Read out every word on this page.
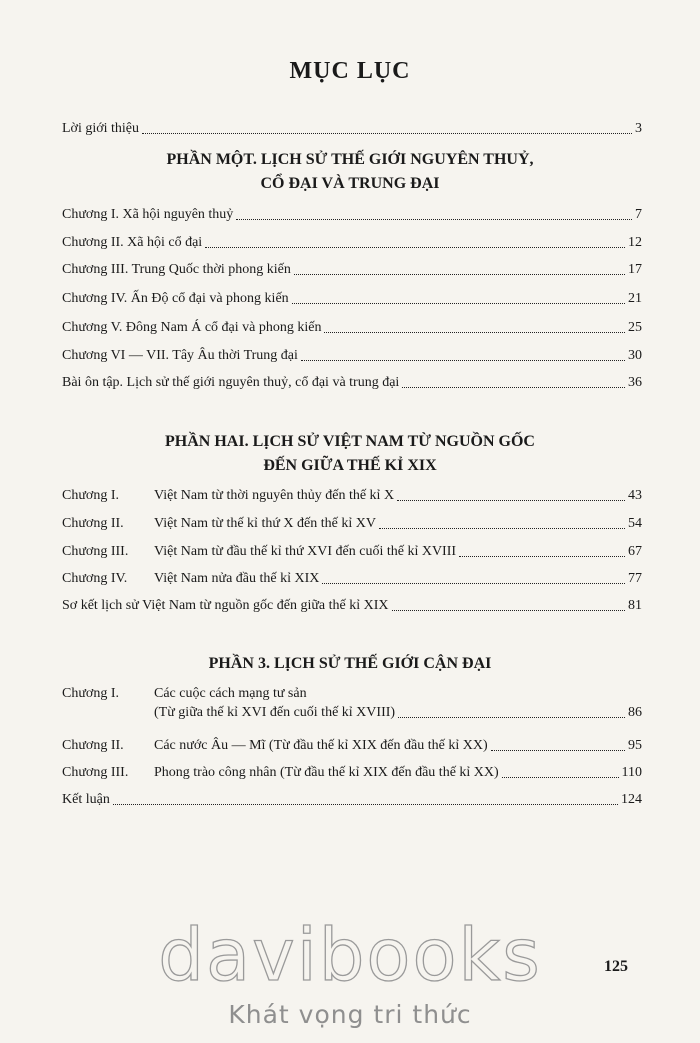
MỤC LỤC
Lời giới thiệu	3
PHẦN MỘT. LỊCH SỬ THẾ GIỚI NGUYÊN THUỶ,
CỔ ĐẠI VÀ TRUNG ĐẠI
Chương I. Xã hội nguyên thuỷ	7
Chương II. Xã hội cổ đại	12
Chương III. Trung Quốc thời phong kiến	17
Chương IV. Ấn Độ cổ đại và phong kiến	21
Chương V. Đông Nam Á cổ đại và phong kiến	25
Chương VI — VII. Tây Âu thời Trung đại	30
Bài ôn tập. Lịch sử thế giới nguyên thuỷ, cổ đại và trung đại	36
PHẦN HAI. LỊCH SỬ VIỆT NAM TỪ NGUỒN GỐC
ĐẾN GIỮA THẾ KỈ XIX
Chương I.	Việt Nam từ thời nguyên thủy đến thế kỉ X	43
Chương II.	Việt Nam từ thế kỉ thứ X đến thế kỉ XV	54
Chương III.	Việt Nam từ đầu thế kỉ thứ XVI đến cuối thế kỉ XVIII	67
Chương IV.	Việt Nam nửa đầu thế kỉ XIX	77
Sơ kết lịch sử Việt Nam từ nguồn gốc đến giữa thế kỉ XIX	81
PHẦN 3. LỊCH SỬ THẾ GIỚI CẬN ĐẠI
Chương I.	Các cuộc cách mạng tư sản
(Từ giữa thế kỉ XVI đến cuối thế kỉ XVIII)	86
Chương II.	Các nước Âu — Mĩ (Từ đầu thế kỉ XIX đến đầu thế kỉ XX)	95
Chương III.	Phong trào công nhân (Từ đầu thế kỉ XIX đến đầu thế kỉ XX)	110
Kết luận	124
125
davibooks
Khát vọng tri thức
